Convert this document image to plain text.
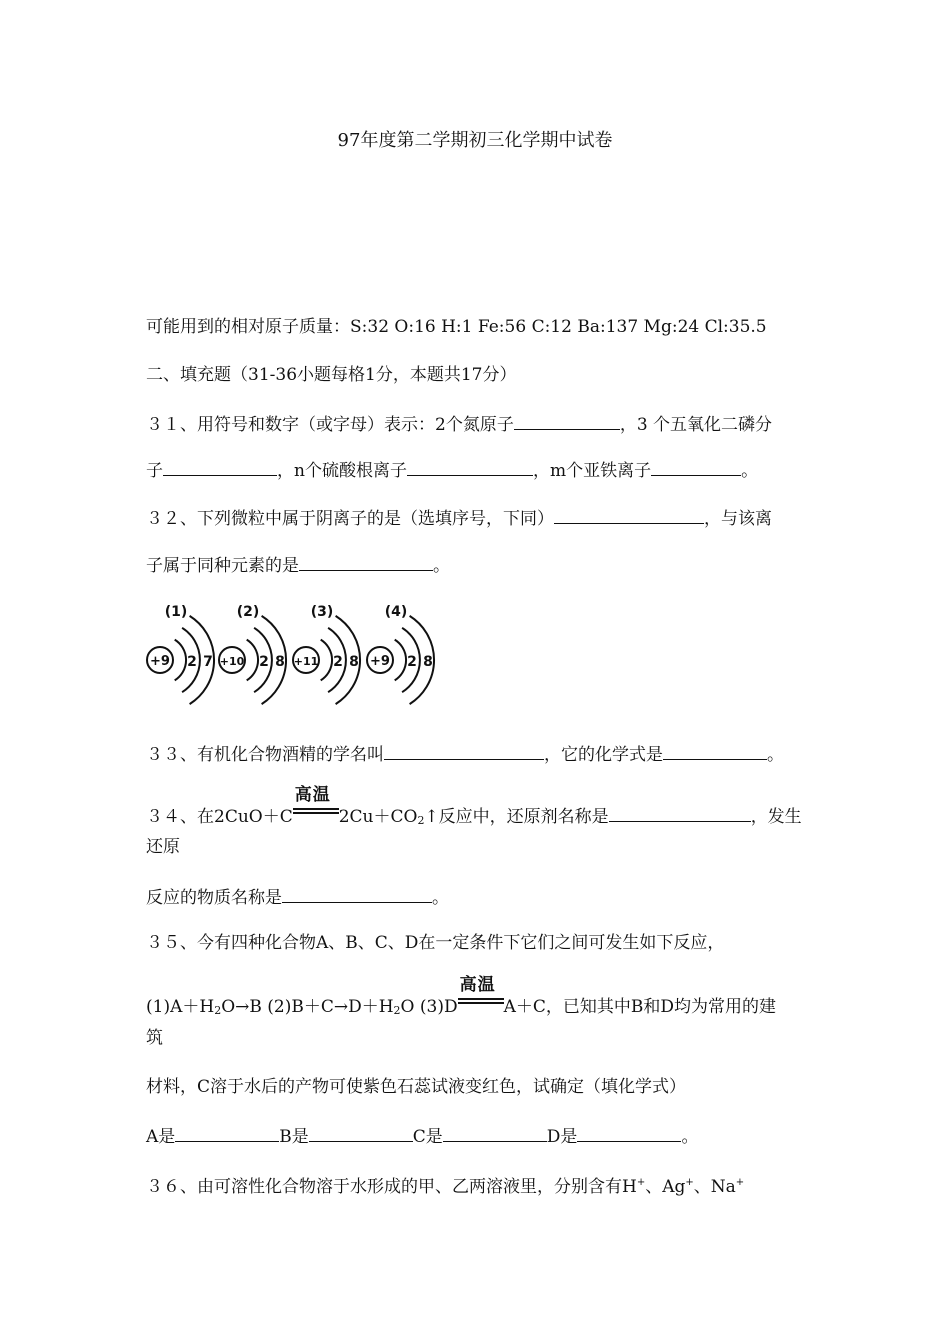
97年度第二学期初三化学期中试卷
可能用到的相对原子质量：S:32 O:16 H:1 Fe:56 C:12 Ba:137 Mg:24 Cl:35.5
二、填充题（31-36小题每格1分，本题共17分）
３１、用符号和数字（或字母）表示：2个氮原子	，3 个五氧化二磷分
子	，n个硫酸根离子	，m个亚铁离子	。
３２、下列微粒中属于阴离子的是（选填序号，下同）	，与该离
子属于同种元素的是	。
(1)
+9 2 7
(2)
+10 2 8
(3)
+11 2 8
(4)
+9 2 8
３３、有机化合物酒精的学名叫	，它的化学式是	。
３４、在2CuO＋C
高温
2Cu＋CO2↑反应中，还原剂名称是	，发生
还原
反应的物质名称是	。
３５、今有四种化合物A、B、C、D在一定条件下它们之间可发生如下反应，
(1)A＋H2O→B (2)B＋C→D＋H2O (3)D
高温
A＋C，已知其中B和D均为常用的建
筑
材料，C溶于水后的产物可使紫色石蕊试液变红色，试确定（填化学式）
A是	B是	C是	D是	。
３６、由可溶性化合物溶于水形成的甲、乙两溶液里，分别含有H+、Ag+、Na+
